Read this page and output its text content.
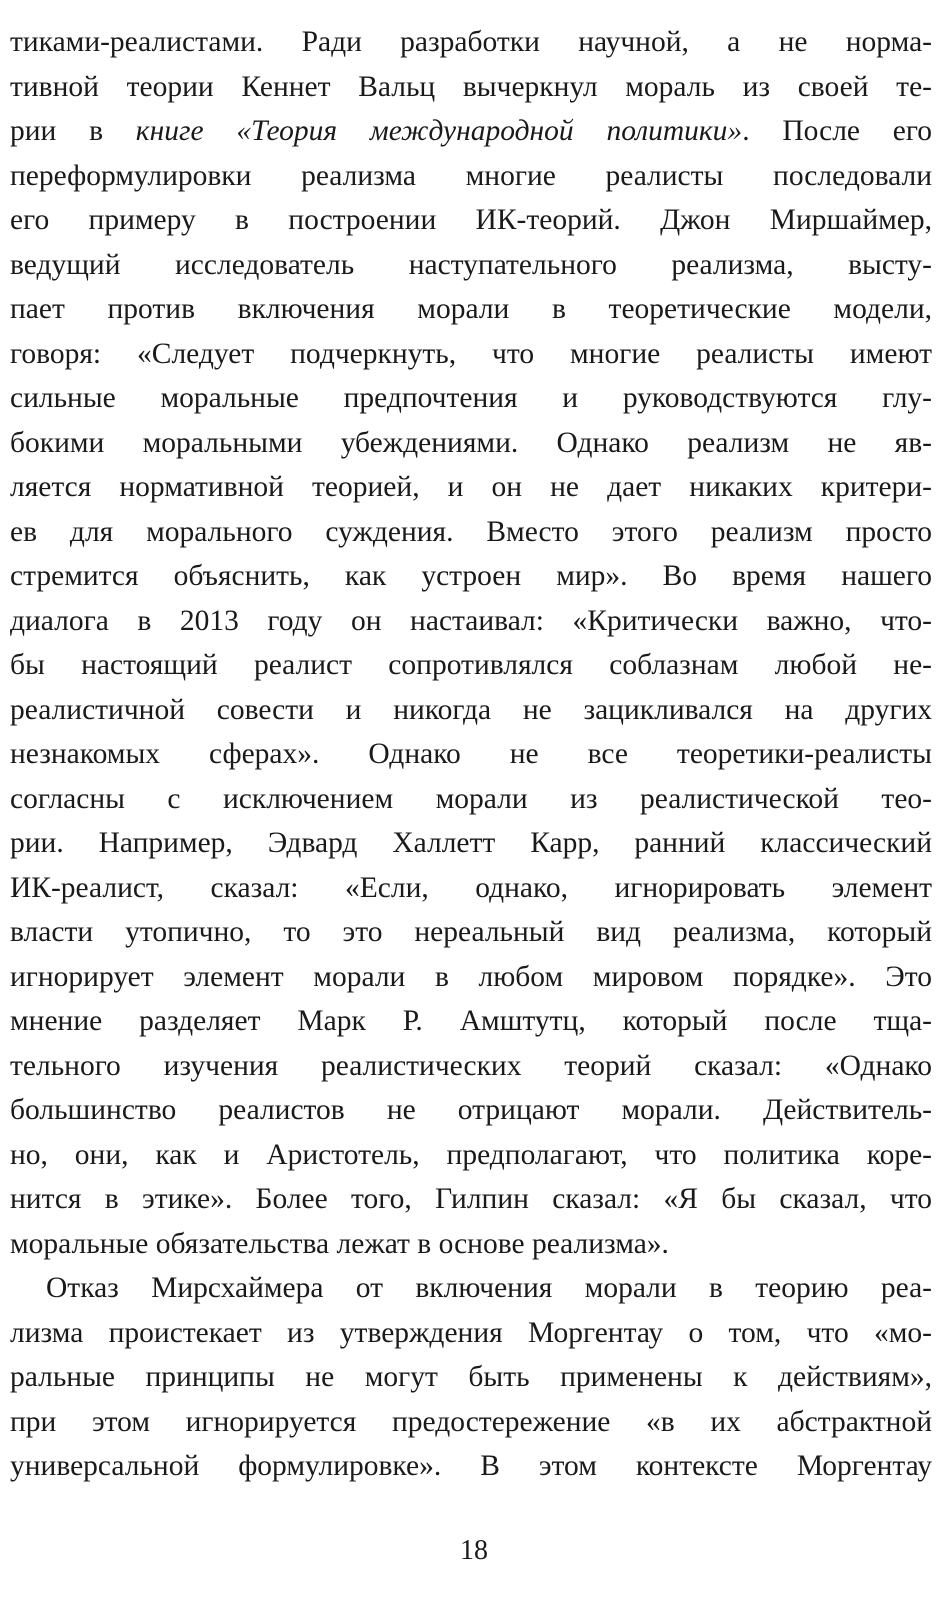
тиками-реалистами. Ради разработки научной, а не норма-
тивной теории Кеннет Вальц вычеркнул мораль из своей те-
рии в книге «Теория международной политики». После его
переформулировки реализма многие реалисты последовали
его примеру в построении ИК-теорий. Джон Миршаймер,
ведущий исследователь наступательного реализма, высту-
пает против включения морали в теоретические модели,
говоря: «Следует подчеркнуть, что многие реалисты имеют
сильные моральные предпочтения и руководствуются глу-
бокими моральными убеждениями. Однако реализм не яв-
ляется нормативной теорией, и он не дает никаких критери-
ев для морального суждения. Вместо этого реализм просто
стремится объяснить, как устроен мир». Во время нашего
диалога в 2013 году он настаивал: «Критически важно, что-
бы настоящий реалист сопротивлялся соблазнам любой не-
реалистичной совести и никогда не зацикливался на других
незнакомых сферах». Однако не все теоретики-реалисты
согласны с исключением морали из реалистической тео-
рии. Например, Эдвард Халлетт Карр, ранний классический
ИК-реалист, сказал: «Если, однако, игнорировать элемент
власти утопично, то это нереальный вид реализма, который
игнорирует элемент морали в любом мировом порядке». Это
мнение разделяет Марк Р. Амштутц, который после тща-
тельного изучения реалистических теорий сказал: «Однако
большинство реалистов не отрицают морали. Действитель-
но, они, как и Аристотель, предполагают, что политика коре-
нится в этике». Более того, Гилпин сказал: «Я бы сказал, что
моральные обязательства лежат в основе реализма».
Отказ Мирсхаймера от включения морали в теорию реа-
лизма проистекает из утверждения Моргентау о том, что «мо-
ральные принципы не могут быть применены к действиям»,
при этом игнорируется предостережение «в их абстрактной
универсальной формулировке». В этом контексте Моргентау
18
